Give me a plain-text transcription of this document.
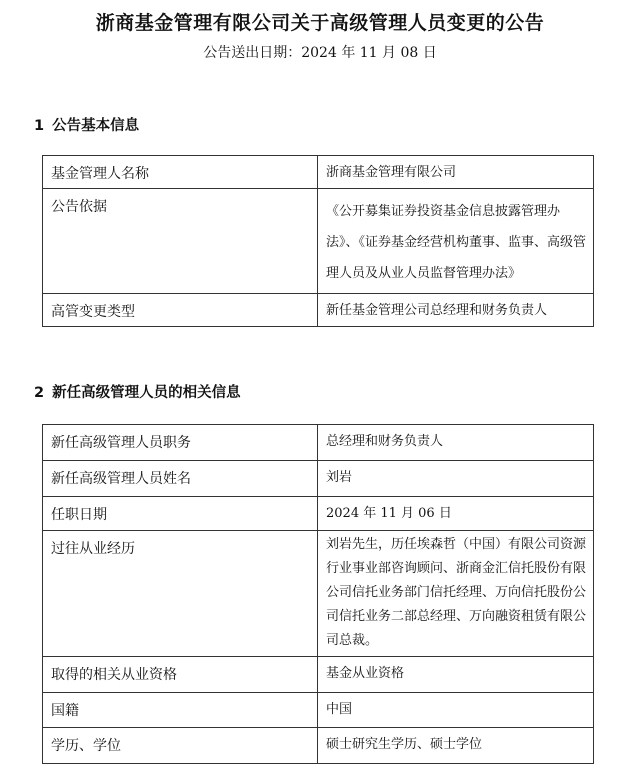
浙商基金管理有限公司关于高级管理人员变更的公告
公告送出日期：2024 年 11 月 08 日
1 公告基本信息
基金管理人名称	浙商基金管理有限公司
公告依据	《公开募集证券投资基金信息披露管理办法》、《证券基金经营机构董事、监事、高级管理人员及从业人员监督管理办法》
高管变更类型	新任基金管理公司总经理和财务负责人
2 新任高级管理人员的相关信息
新任高级管理人员职务	总经理和财务负责人
新任高级管理人员姓名	刘岩
任职日期	2024 年 11 月 06 日
过往从业经历	刘岩先生，历任埃森哲（中国）有限公司资源行业事业部咨询顾问、浙商金汇信托股份有限公司信托业务部门信托经理、万向信托股份公司信托业务二部总经理、万向融资租赁有限公司总裁。
取得的相关从业资格	基金从业资格
国籍	中国
学历、学位	硕士研究生学历、硕士学位
